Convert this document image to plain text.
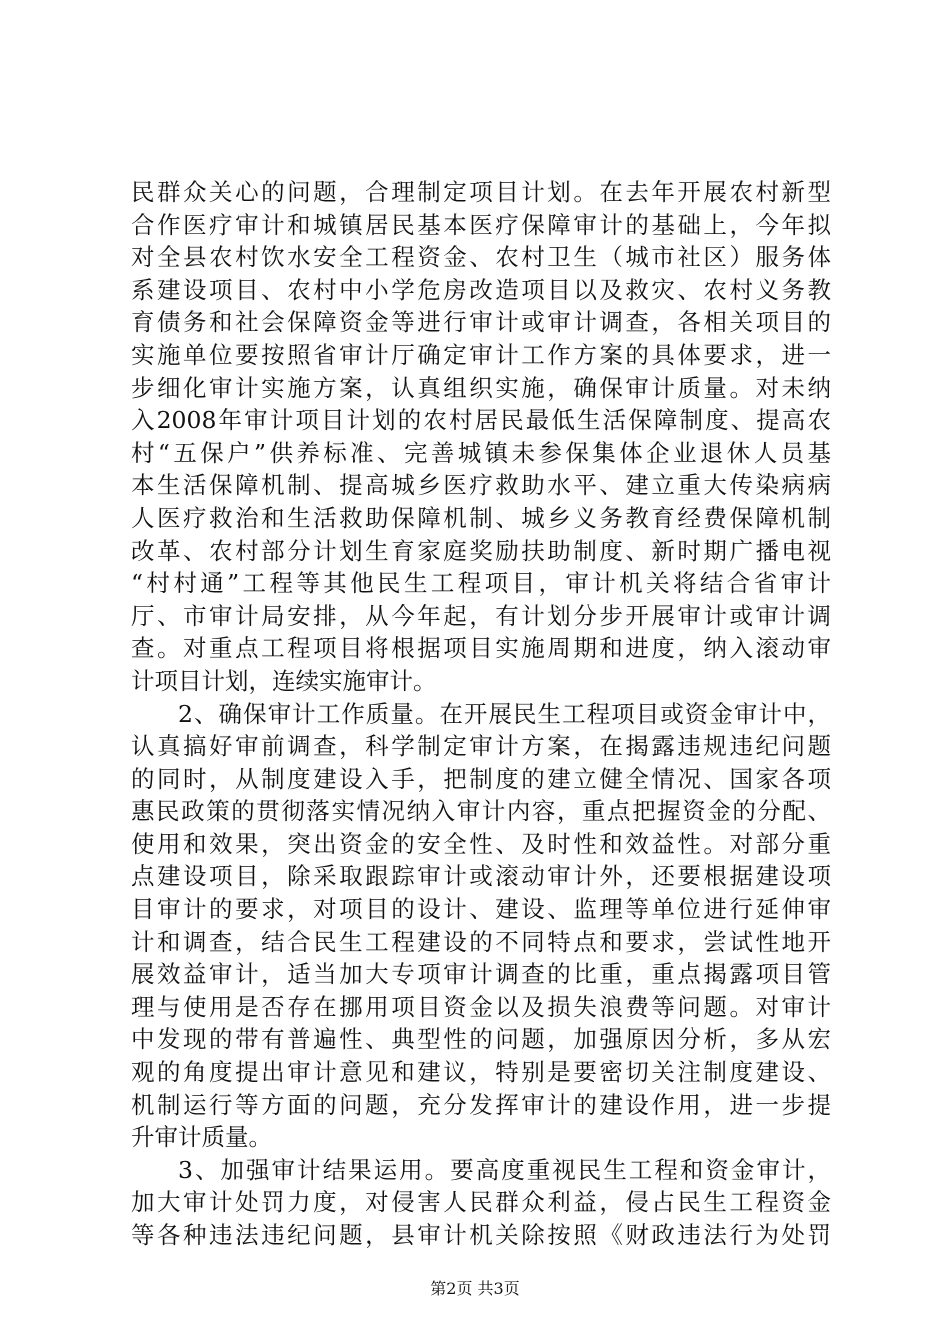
民群众关心的问题，合理制定项目计划。在去年开展农村新型
合作医疗审计和城镇居民基本医疗保障审计的基础上，今年拟
对全县农村饮水安全工程资金、农村卫生（城市社区）服务体
系建设项目、农村中小学危房改造项目以及救灾、农村义务教
育债务和社会保障资金等进行审计或审计调查，各相关项目的
实施单位要按照省审计厅确定审计工作方案的具体要求，进一
步细化审计实施方案，认真组织实施，确保审计质量。对未纳
入2008年审计项目计划的农村居民最低生活保障制度、提高农
村“五保户”供养标准、完善城镇未参保集体企业退休人员基
本生活保障机制、提高城乡医疗救助水平、建立重大传染病病
人医疗救治和生活救助保障机制、城乡义务教育经费保障机制
改革、农村部分计划生育家庭奖励扶助制度、新时期广播电视
“村村通”工程等其他民生工程项目，审计机关将结合省审计
厅、市审计局安排，从今年起，有计划分步开展审计或审计调
查。对重点工程项目将根据项目实施周期和进度，纳入滚动审
计项目计划，连续实施审计。
2、确保审计工作质量。在开展民生工程项目或资金审计中，
认真搞好审前调查，科学制定审计方案，在揭露违规违纪问题
的同时，从制度建设入手，把制度的建立健全情况、国家各项
惠民政策的贯彻落实情况纳入审计内容，重点把握资金的分配、
使用和效果，突出资金的安全性、及时性和效益性。对部分重
点建设项目，除采取跟踪审计或滚动审计外，还要根据建设项
目审计的要求，对项目的设计、建设、监理等单位进行延伸审
计和调查，结合民生工程建设的不同特点和要求，尝试性地开
展效益审计，适当加大专项审计调查的比重，重点揭露项目管
理与使用是否存在挪用项目资金以及损失浪费等问题。对审计
中发现的带有普遍性、典型性的问题，加强原因分析，多从宏
观的角度提出审计意见和建议，特别是要密切关注制度建设、
机制运行等方面的问题，充分发挥审计的建设作用，进一步提
升审计质量。
3、加强审计结果运用。要高度重视民生工程和资金审计，
加大审计处罚力度，对侵害人民群众利益，侵占民生工程资金
等各种违法违纪问题，县审计机关除按照《财政违法行为处罚
第2页 共3页
